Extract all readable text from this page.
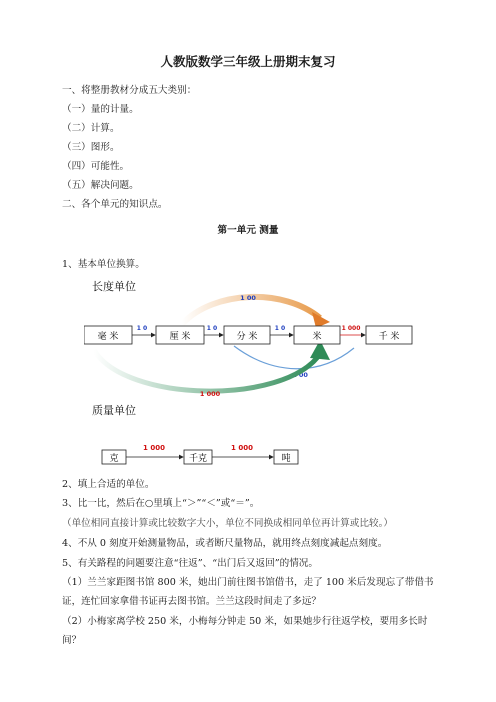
人教版数学三年级上册期末复习
一、将整册教材分成五大类别：
（一）量的计量。
（二）计算。
（三）图形。
（四）可能性。
（五）解决问题。
二、各个单元的知识点。
第一单元 测量
1、基本单位换算。
长度单位
1 00
1 00
1 000
毫 米	厘 米	分 米	米	千 米
1 0	1 0	1 0	1 000
质量单位
克	千克	吨
1 000	1 000
2、填上合适的单位。
3、比一比，然后在○里填上“＞”“＜”或“＝”。
（单位相同直接计算或比较数字大小，单位不同换成相同单位再计算或比较。）
4、不从 0 刻度开始测量物品，或者断尺量物品，就用终点刻度减起点刻度。
5、有关路程的问题要注意“往返”、“出门后又返回”的情况。
（1）兰兰家距图书馆 800 米，她出门前往图书馆借书，走了 100 米后发现忘了带借书
证，连忙回家拿借书证再去图书馆。兰兰这段时间走了多远？
（2）小梅家离学校 250 米，小梅每分钟走 50 米，如果她步行往返学校，要用多长时
间？
